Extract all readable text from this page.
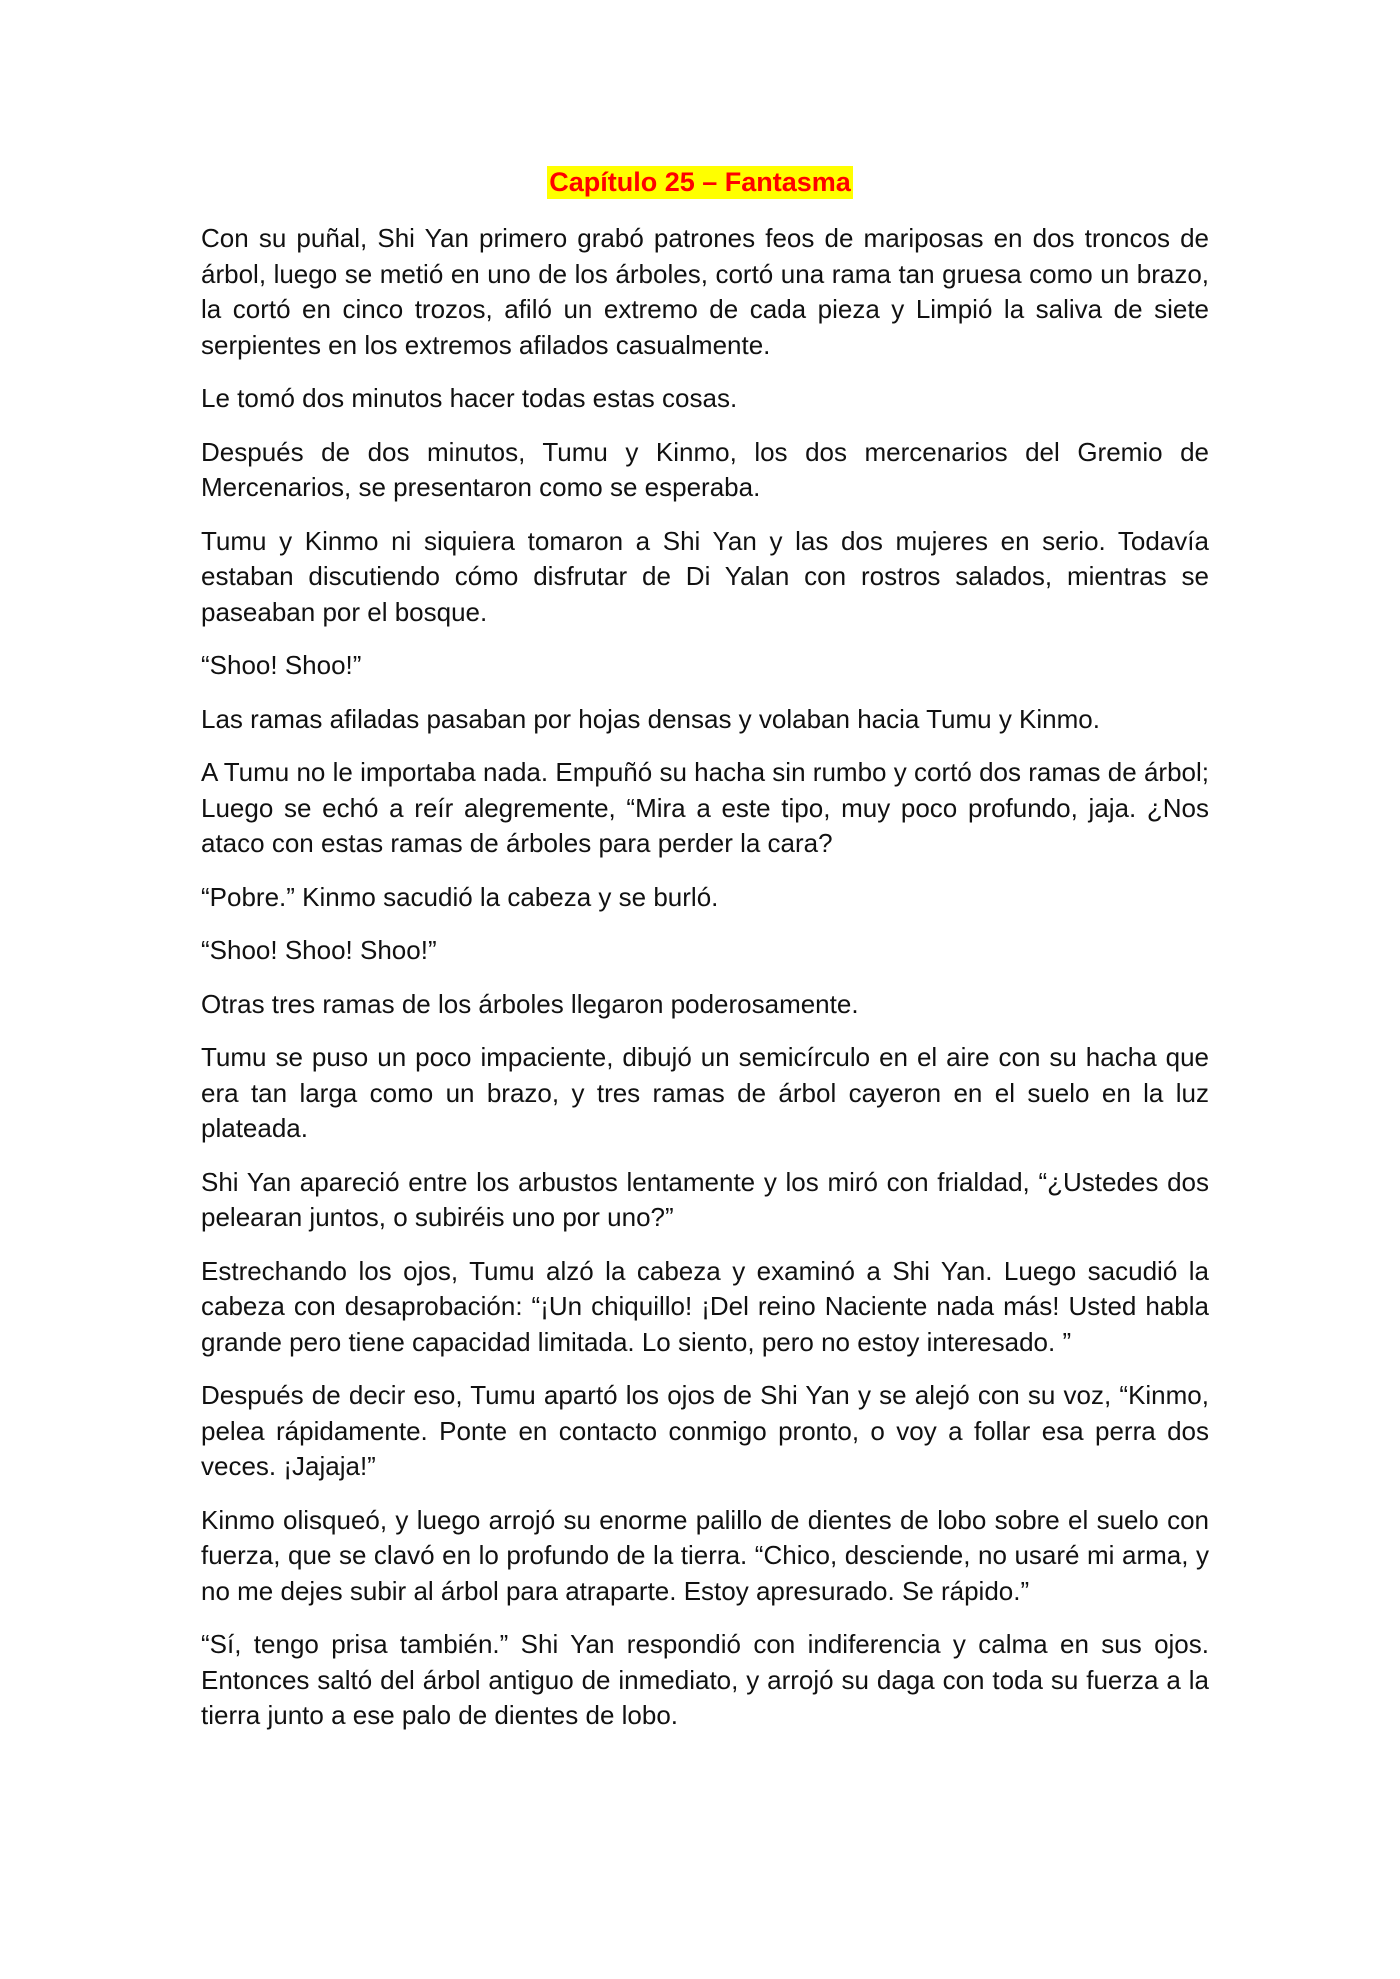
Capítulo 25 – Fantasma

Con su puñal, Shi Yan primero grabó patrones feos de mariposas en dos troncos de árbol, luego se metió en uno de los árboles, cortó una rama tan gruesa como un brazo, la cortó en cinco trozos, afiló un extremo de cada pieza y Limpió la saliva de siete serpientes en los extremos afilados casualmente.

Le tomó dos minutos hacer todas estas cosas.

Después de dos minutos, Tumu y Kinmo, los dos mercenarios del Gremio de Mercenarios, se presentaron como se esperaba.

Tumu y Kinmo ni siquiera tomaron a Shi Yan y las dos mujeres en serio. Todavía estaban discutiendo cómo disfrutar de Di Yalan con rostros salados, mientras se paseaban por el bosque.

“Shoo! Shoo!”

Las ramas afiladas pasaban por hojas densas y volaban hacia Tumu y Kinmo.

A Tumu no le importaba nada. Empuñó su hacha sin rumbo y cortó dos ramas de árbol; Luego se echó a reír alegremente, “Mira a este tipo, muy poco profundo, jaja. ¿Nos ataco con estas ramas de árboles para perder la cara?

“Pobre.” Kinmo sacudió la cabeza y se burló.

“Shoo! Shoo! Shoo!”

Otras tres ramas de los árboles llegaron poderosamente.

Tumu se puso un poco impaciente, dibujó un semicírculo en el aire con su hacha que era tan larga como un brazo, y tres ramas de árbol cayeron en el suelo en la luz plateada.

Shi Yan apareció entre los arbustos lentamente y los miró con frialdad, “¿Ustedes dos pelearan juntos, o subiréis uno por uno?”

Estrechando los ojos, Tumu alzó la cabeza y examinó a Shi Yan. Luego sacudió la cabeza con desaprobación: “¡Un chiquillo! ¡Del reino Naciente nada más! Usted habla grande pero tiene capacidad limitada. Lo siento, pero no estoy interesado. ”

Después de decir eso, Tumu apartó los ojos de Shi Yan y se alejó con su voz, “Kinmo, pelea rápidamente. Ponte en contacto conmigo pronto, o voy a follar esa perra dos veces. ¡Jajaja!”

Kinmo olisqueó, y luego arrojó su enorme palillo de dientes de lobo sobre el suelo con fuerza, que se clavó en lo profundo de la tierra. “Chico, desciende, no usaré mi arma, y no me dejes subir al árbol para atraparte. Estoy apresurado. Se rápido.”

“Sí, tengo prisa también.” Shi Yan respondió con indiferencia y calma en sus ojos. Entonces saltó del árbol antiguo de inmediato, y arrojó su daga con toda su fuerza a la tierra junto a ese palo de dientes de lobo.
